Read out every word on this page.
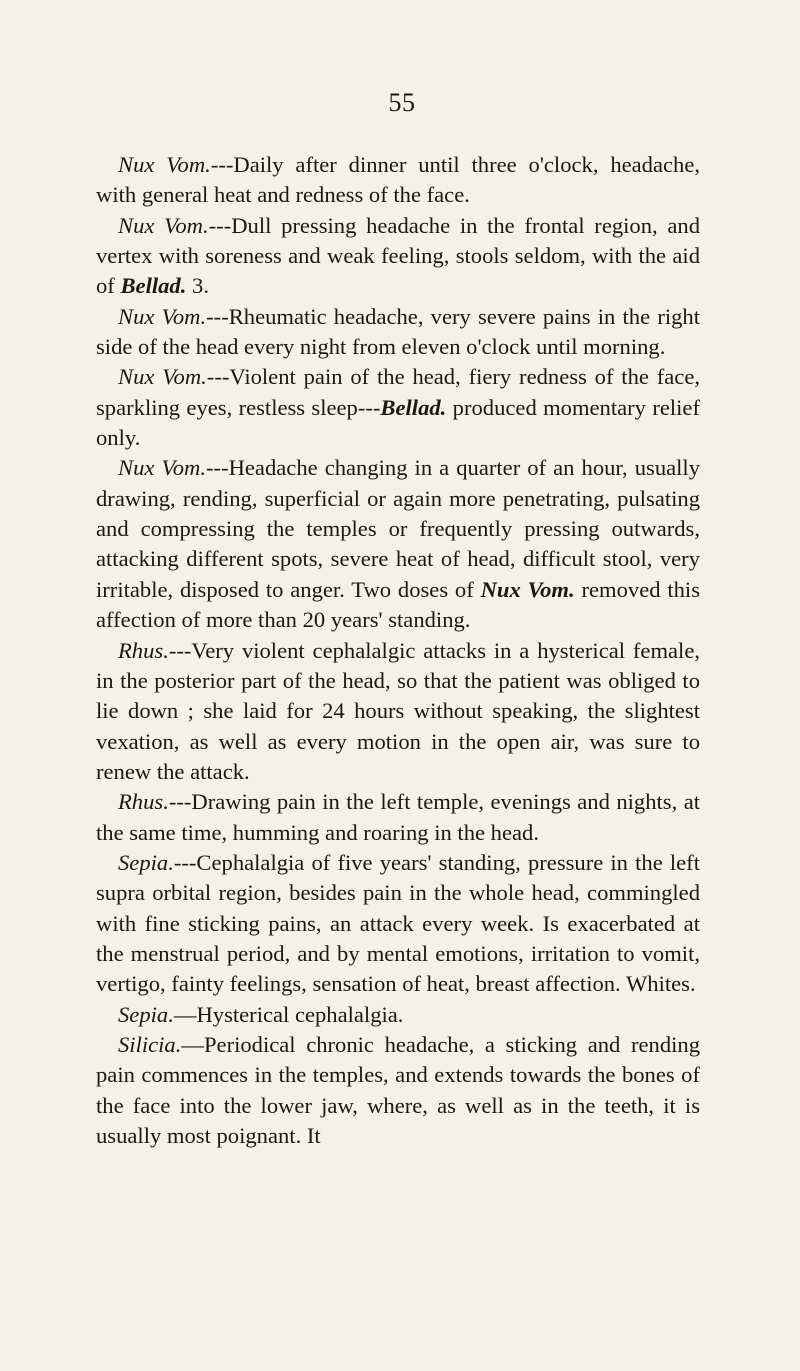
55

Nux Vom.---Daily after dinner until three o'clock, headache, with general heat and redness of the face.

Nux Vom.---Dull pressing headache in the frontal region, and vertex with soreness and weak feeling, stools seldom, with the aid of Bellad. 3.

Nux Vom.---Rheumatic headache, very severe pains in the right side of the head every night from eleven o'clock until morning.

Nux Vom.---Violent pain of the head, fiery redness of the face, sparkling eyes, restless sleep---Bellad. produced momentary relief only.

Nux Vom.---Headache changing in a quarter of an hour, usually drawing, rending, superficial or again more penetrating, pulsating and compressing the temples or frequently pressing outwards, attacking different spots, severe heat of head, difficult stool, very irritable, disposed to anger. Two doses of Nux Vom. removed this affection of more than 20 years' standing.

Rhus.---Very violent cephalalgic attacks in a hysterical female, in the posterior part of the head, so that the patient was obliged to lie down ; she laid for 24 hours without speaking, the slightest vexation, as well as every motion in the open air, was sure to renew the attack.

Rhus.---Drawing pain in the left temple, evenings and nights, at the same time, humming and roaring in the head.

Sepia.---Cephalalgia of five years' standing, pressure in the left supra orbital region, besides pain in the whole head, commingled with fine sticking pains, an attack every week. Is exacerbated at the menstrual period, and by mental emotions, irritation to vomit, vertigo, fainty feelings, sensation of heat, breast affection. Whites.

Sepia.—Hysterical cephalalgia.

Silicia.—Periodical chronic headache, a sticking and rending pain commences in the temples, and extends towards the bones of the face into the lower jaw, where, as well as in the teeth, it is usually most poignant. It
